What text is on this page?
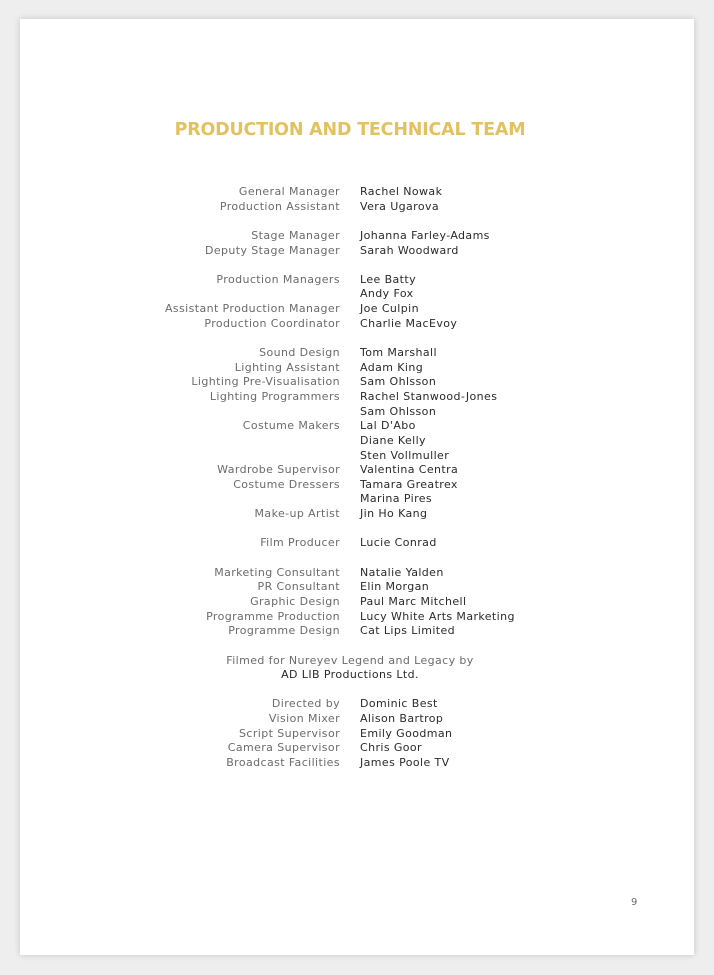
PRODUCTION AND TECHNICAL TEAM
General Manager Rachel Nowak
Production Assistant Vera Ugarova
Stage Manager Johanna Farley-Adams
Deputy Stage Manager Sarah Woodward
Production Managers Lee Batty
Andy Fox
Assistant Production Manager Joe Culpin
Production Coordinator Charlie MacEvoy
Sound Design Tom Marshall
Lighting Assistant Adam King
Lighting Pre-Visualisation Sam Ohlsson
Lighting Programmers Rachel Stanwood-Jones
Sam Ohlsson
Costume Makers Lal D'Abo
Diane Kelly
Sten Vollmuller
Wardrobe Supervisor Valentina Centra
Costume Dressers Tamara Greatrex
Marina Pires
Make-up Artist Jin Ho Kang
Film Producer Lucie Conrad
Marketing Consultant Natalie Yalden
PR Consultant Elin Morgan
Graphic Design Paul Marc Mitchell
Programme Production Lucy White Arts Marketing
Programme Design Cat Lips Limited
Filmed for Nureyev Legend and Legacy by
AD LIB Productions Ltd.
Directed by Dominic Best
Vision Mixer Alison Bartrop
Script Supervisor Emily Goodman
Camera Supervisor Chris Goor
Broadcast Facilities James Poole TV
9
